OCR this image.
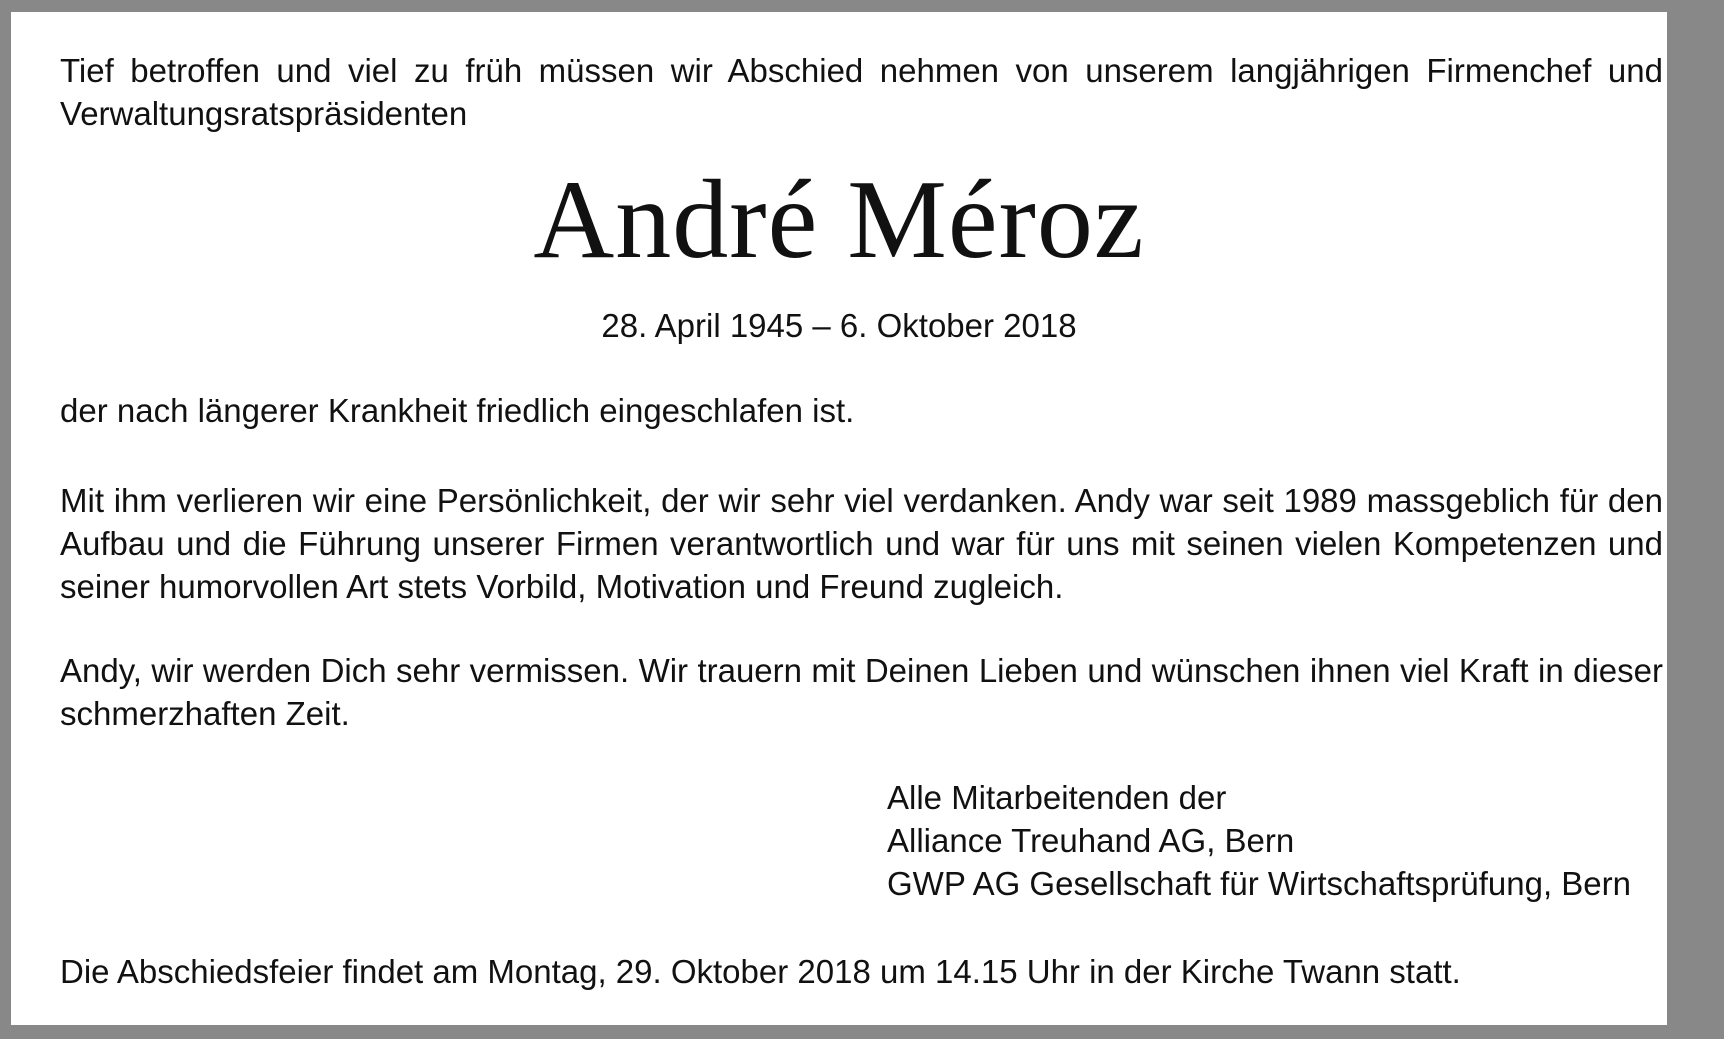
Tief betroffen und viel zu früh müssen wir Abschied nehmen von unserem langjährigen Firmenchef und Verwaltungsratspräsidenten

André Méroz

28. April 1945 – 6. Oktober 2018

der nach längerer Krankheit friedlich eingeschlafen ist.

Mit ihm verlieren wir eine Persönlichkeit, der wir sehr viel verdanken. Andy war seit 1989 massgeblich für den Aufbau und die Führung unserer Firmen verantwortlich und war für uns mit seinen vielen Kompetenzen und seiner humorvollen Art stets Vorbild, Motivation und Freund zugleich.

Andy, wir werden Dich sehr vermissen. Wir trauern mit Deinen Lieben und wünschen ihnen viel Kraft in dieser schmerzhaften Zeit.

Alle Mitarbeitenden der
Alliance Treuhand AG, Bern
GWP AG Gesellschaft für Wirtschaftsprüfung, Bern

Die Abschiedsfeier findet am Montag, 29. Oktober 2018 um 14.15 Uhr in der Kirche Twann statt.
